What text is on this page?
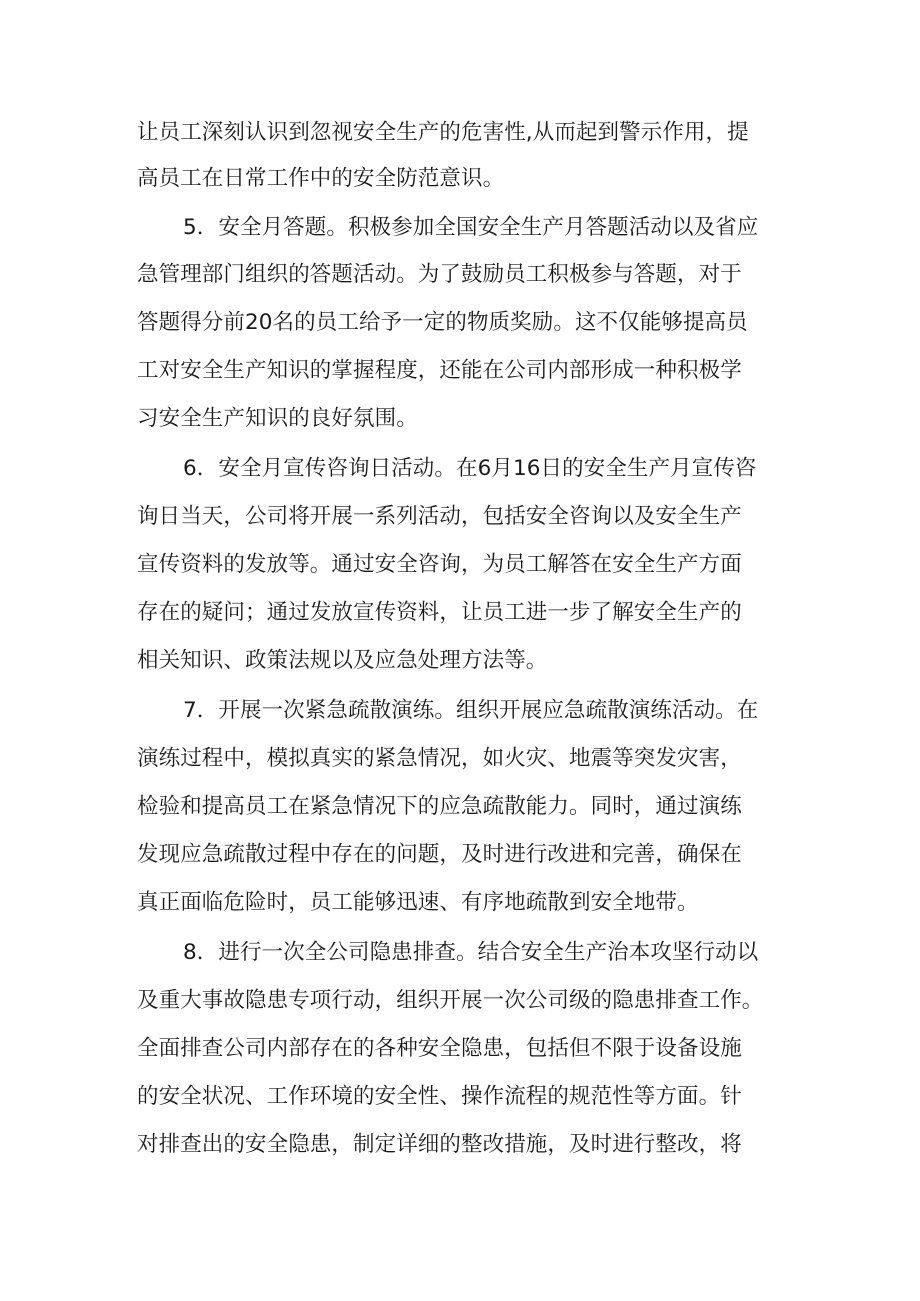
让员工深刻认识到忽视安全生产的危害性,从而起到警示作用，提
高员工在日常工作中的安全防范意识。
5．安全月答题。积极参加全国安全生产月答题活动以及省应
急管理部门组织的答题活动。为了鼓励员工积极参与答题，对于
答题得分前20名的员工给予一定的物质奖励。这不仅能够提高员
工对安全生产知识的掌握程度，还能在公司内部形成一种积极学
习安全生产知识的良好氛围。
6．安全月宣传咨询日活动。在6月16日的安全生产月宣传咨
询日当天，公司将开展一系列活动，包括安全咨询以及安全生产
宣传资料的发放等。通过安全咨询，为员工解答在安全生产方面
存在的疑问；通过发放宣传资料，让员工进一步了解安全生产的
相关知识、政策法规以及应急处理方法等。
7．开展一次紧急疏散演练。组织开展应急疏散演练活动。在
演练过程中，模拟真实的紧急情况，如火灾、地震等突发灾害，
检验和提高员工在紧急情况下的应急疏散能力。同时，通过演练
发现应急疏散过程中存在的问题，及时进行改进和完善，确保在
真正面临危险时，员工能够迅速、有序地疏散到安全地带。
8．进行一次全公司隐患排查。结合安全生产治本攻坚行动以
及重大事故隐患专项行动，组织开展一次公司级的隐患排查工作。
全面排查公司内部存在的各种安全隐患，包括但不限于设备设施
的安全状况、工作环境的安全性、操作流程的规范性等方面。针
对排查出的安全隐患，制定详细的整改措施，及时进行整改，将
